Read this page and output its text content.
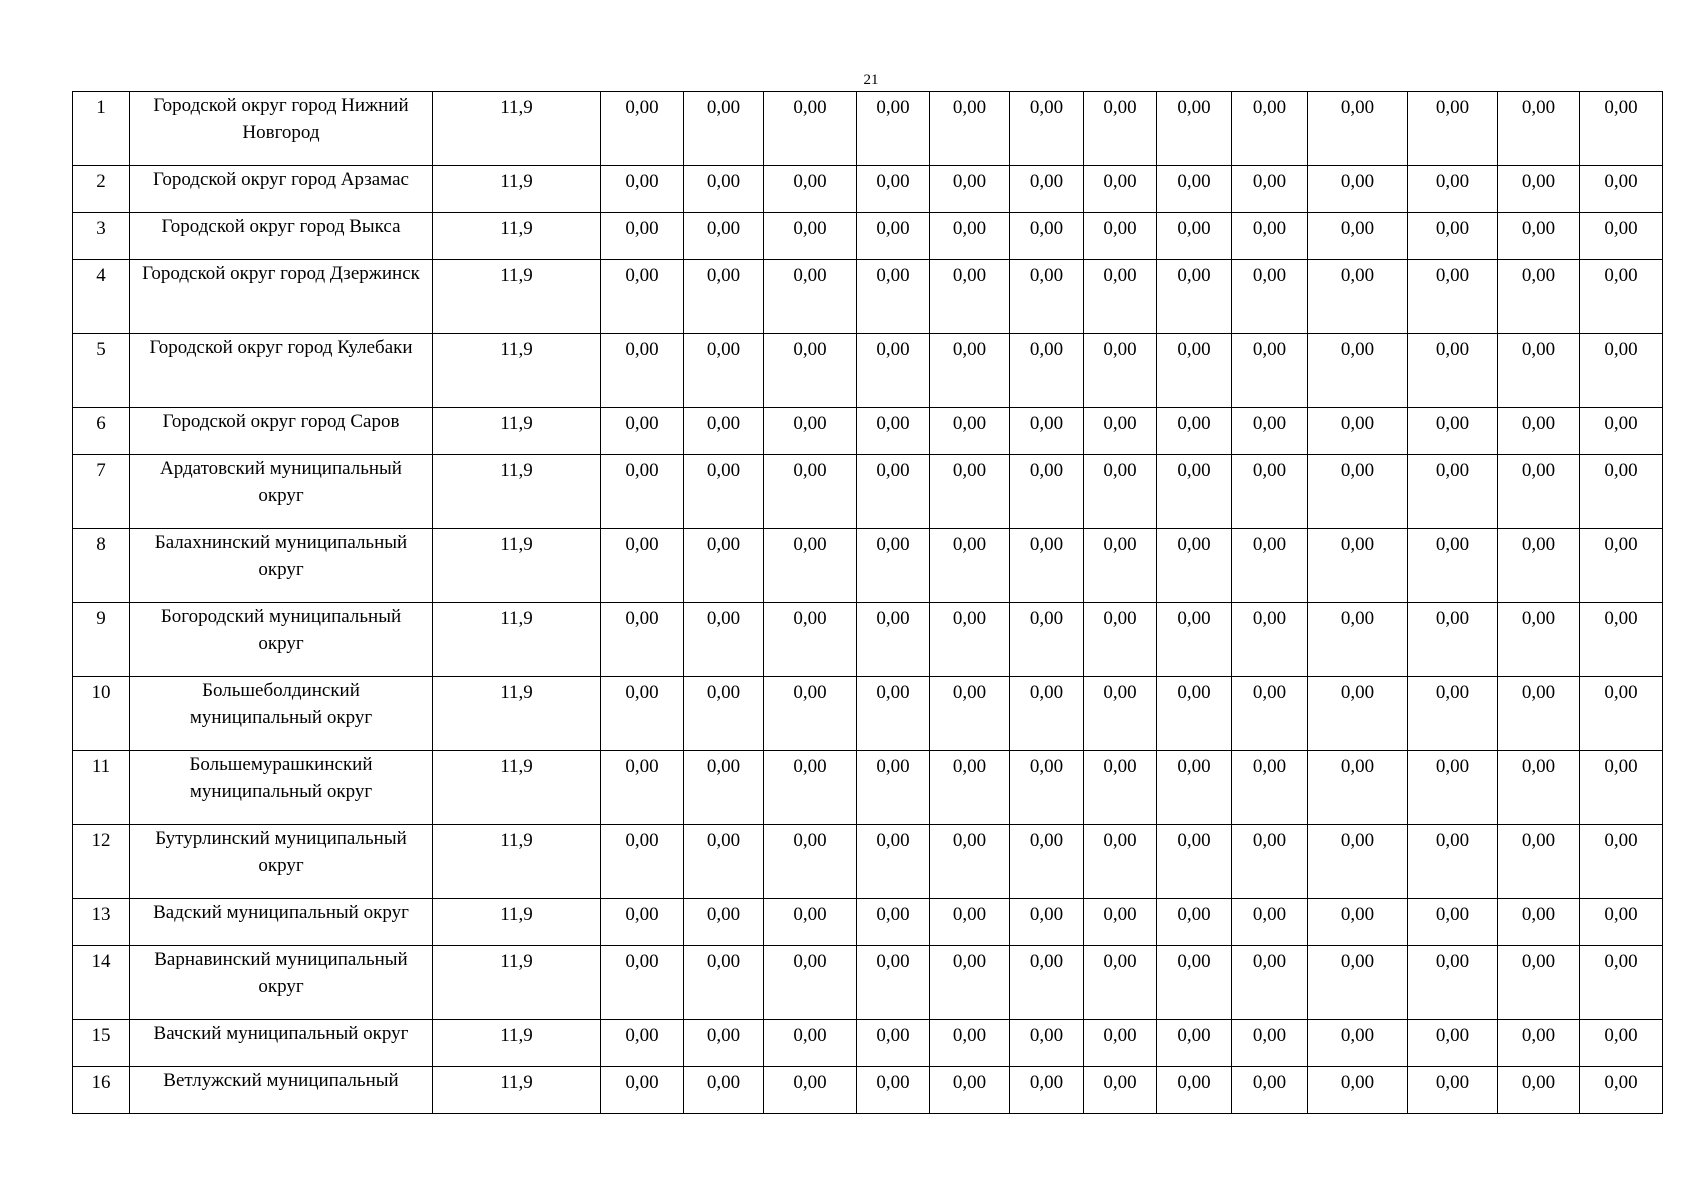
21
1	Городской округ город Нижний Новгород	11,9	0,00	0,00	0,00	0,00	0,00	0,00	0,00	0,00	0,00	0,00	0,00	0,00	0,00
2	Городской округ город Арзамас	11,9	0,00	0,00	0,00	0,00	0,00	0,00	0,00	0,00	0,00	0,00	0,00	0,00	0,00
3	Городской округ город Выкса	11,9	0,00	0,00	0,00	0,00	0,00	0,00	0,00	0,00	0,00	0,00	0,00	0,00	0,00
4	Городской округ город Дзержинск	11,9	0,00	0,00	0,00	0,00	0,00	0,00	0,00	0,00	0,00	0,00	0,00	0,00	0,00
5	Городской округ город Кулебаки	11,9	0,00	0,00	0,00	0,00	0,00	0,00	0,00	0,00	0,00	0,00	0,00	0,00	0,00
6	Городской округ город Саров	11,9	0,00	0,00	0,00	0,00	0,00	0,00	0,00	0,00	0,00	0,00	0,00	0,00	0,00
7	Ардатовский муниципальный округ	11,9	0,00	0,00	0,00	0,00	0,00	0,00	0,00	0,00	0,00	0,00	0,00	0,00	0,00
8	Балахнинский муниципальный округ	11,9	0,00	0,00	0,00	0,00	0,00	0,00	0,00	0,00	0,00	0,00	0,00	0,00	0,00
9	Богородский муниципальный округ	11,9	0,00	0,00	0,00	0,00	0,00	0,00	0,00	0,00	0,00	0,00	0,00	0,00	0,00
10	Большеболдинский муниципальный округ	11,9	0,00	0,00	0,00	0,00	0,00	0,00	0,00	0,00	0,00	0,00	0,00	0,00	0,00
11	Большемурашкинский муниципальный округ	11,9	0,00	0,00	0,00	0,00	0,00	0,00	0,00	0,00	0,00	0,00	0,00	0,00	0,00
12	Бутурлинский муниципальный округ	11,9	0,00	0,00	0,00	0,00	0,00	0,00	0,00	0,00	0,00	0,00	0,00	0,00	0,00
13	Вадский муниципальный округ	11,9	0,00	0,00	0,00	0,00	0,00	0,00	0,00	0,00	0,00	0,00	0,00	0,00	0,00
14	Варнавинский муниципальный округ	11,9	0,00	0,00	0,00	0,00	0,00	0,00	0,00	0,00	0,00	0,00	0,00	0,00	0,00
15	Вачский муниципальный округ	11,9	0,00	0,00	0,00	0,00	0,00	0,00	0,00	0,00	0,00	0,00	0,00	0,00	0,00
16	Ветлужский муниципальный	11,9	0,00	0,00	0,00	0,00	0,00	0,00	0,00	0,00	0,00	0,00	0,00	0,00	0,00
